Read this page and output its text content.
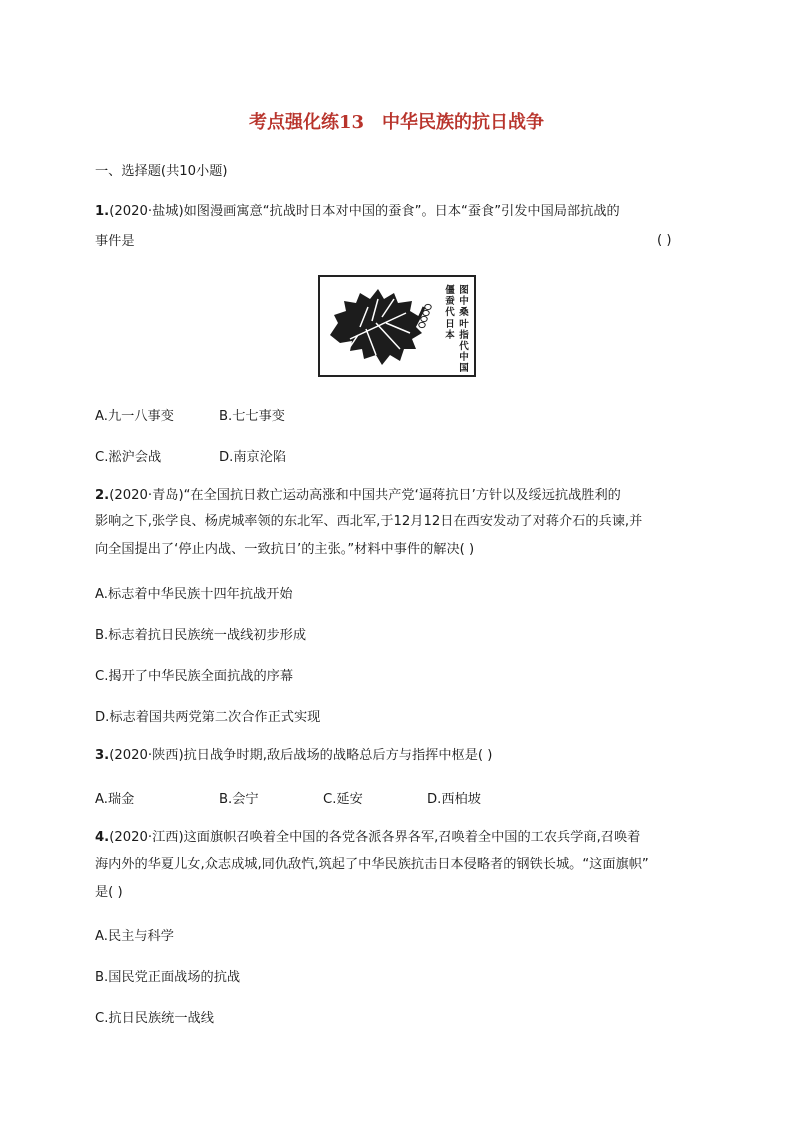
考点强化练13　中华民族的抗日战争
一、选择题(共10小题)
1.(2020·盐城)如图漫画寓意“抗战时日本对中国的蚕食”。日本“蚕食”引发中国局部抗战的
事件是	( )
图中桑叶指代中国
僵蚕代日本
A.九一八事变	B.七七事变
C.淞沪会战	D.南京沦陷
2.(2020·青岛)“在全国抗日救亡运动高涨和中国共产党‘逼蒋抗日’方针以及绥远抗战胜利的
影响之下,张学良、杨虎城率领的东北军、西北军,于12月12日在西安发动了对蒋介石的兵谏,并
向全国提出了‘停止内战、一致抗日’的主张。”材料中事件的解决( )
A.标志着中华民族十四年抗战开始
B.标志着抗日民族统一战线初步形成
C.揭开了中华民族全面抗战的序幕
D.标志着国共两党第二次合作正式实现
3.(2020·陕西)抗日战争时期,敌后战场的战略总后方与指挥中枢是( )
A.瑞金	B.会宁	C.延安	D.西柏坡
4.(2020·江西)这面旗帜召唤着全中国的各党各派各界各军,召唤着全中国的工农兵学商,召唤着
海内外的华夏儿女,众志成城,同仇敌忾,筑起了中华民族抗击日本侵略者的钢铁长城。“这面旗帜”
是( )
A.民主与科学
B.国民党正面战场的抗战
C.抗日民族统一战线
